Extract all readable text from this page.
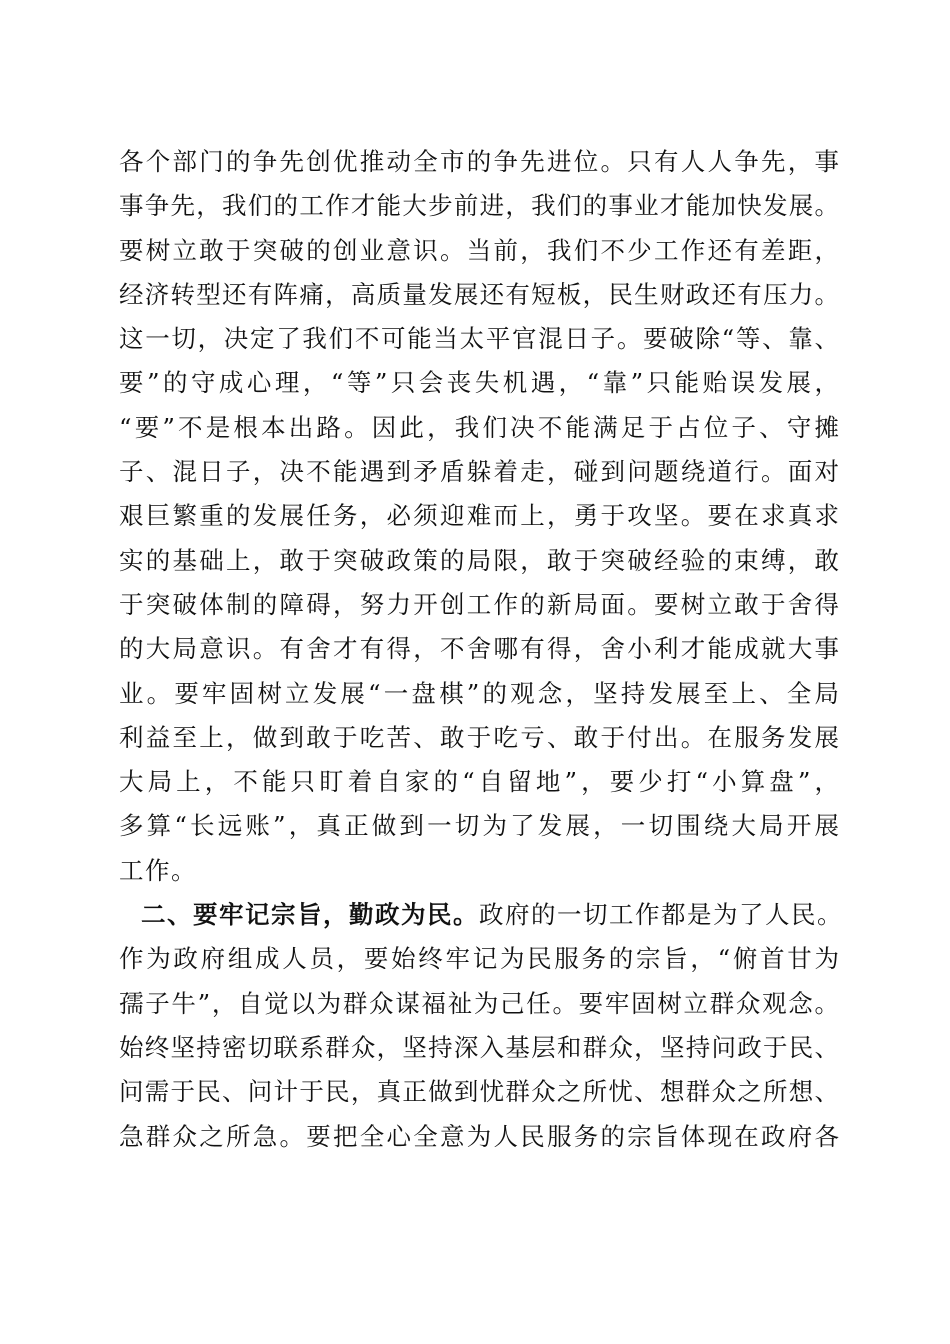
各个部门的争先创优推动全市的争先进位。只有人人争先，事
事争先，我们的工作才能大步前进，我们的事业才能加快发展。
要树立敢于突破的创业意识。当前，我们不少工作还有差距，
经济转型还有阵痛，高质量发展还有短板，民生财政还有压力。
这一切，决定了我们不可能当太平官混日子。要破除“等、靠、
要”的守成心理，“等”只会丧失机遇，“靠”只能贻误发展，
“要”不是根本出路。因此，我们决不能满足于占位子、守摊
子、混日子，决不能遇到矛盾躲着走，碰到问题绕道行。面对
艰巨繁重的发展任务，必须迎难而上，勇于攻坚。要在求真求
实的基础上，敢于突破政策的局限，敢于突破经验的束缚，敢
于突破体制的障碍，努力开创工作的新局面。要树立敢于舍得
的大局意识。有舍才有得，不舍哪有得，舍小利才能成就大事
业。要牢固树立发展“一盘棋”的观念，坚持发展至上、全局
利益至上，做到敢于吃苦、敢于吃亏、敢于付出。在服务发展
大局上，不能只盯着自家的“自留地”，要少打“小算盘”，
多算“长远账”，真正做到一切为了发展，一切围绕大局开展
工作。
二、要牢记宗旨，勤政为民。政府的一切工作都是为了人民。
作为政府组成人员，要始终牢记为民服务的宗旨，“俯首甘为
孺子牛”，自觉以为群众谋福祉为己任。要牢固树立群众观念。
始终坚持密切联系群众，坚持深入基层和群众，坚持问政于民、
问需于民、问计于民，真正做到忧群众之所忧、想群众之所想、
急群众之所急。要把全心全意为人民服务的宗旨体现在政府各
